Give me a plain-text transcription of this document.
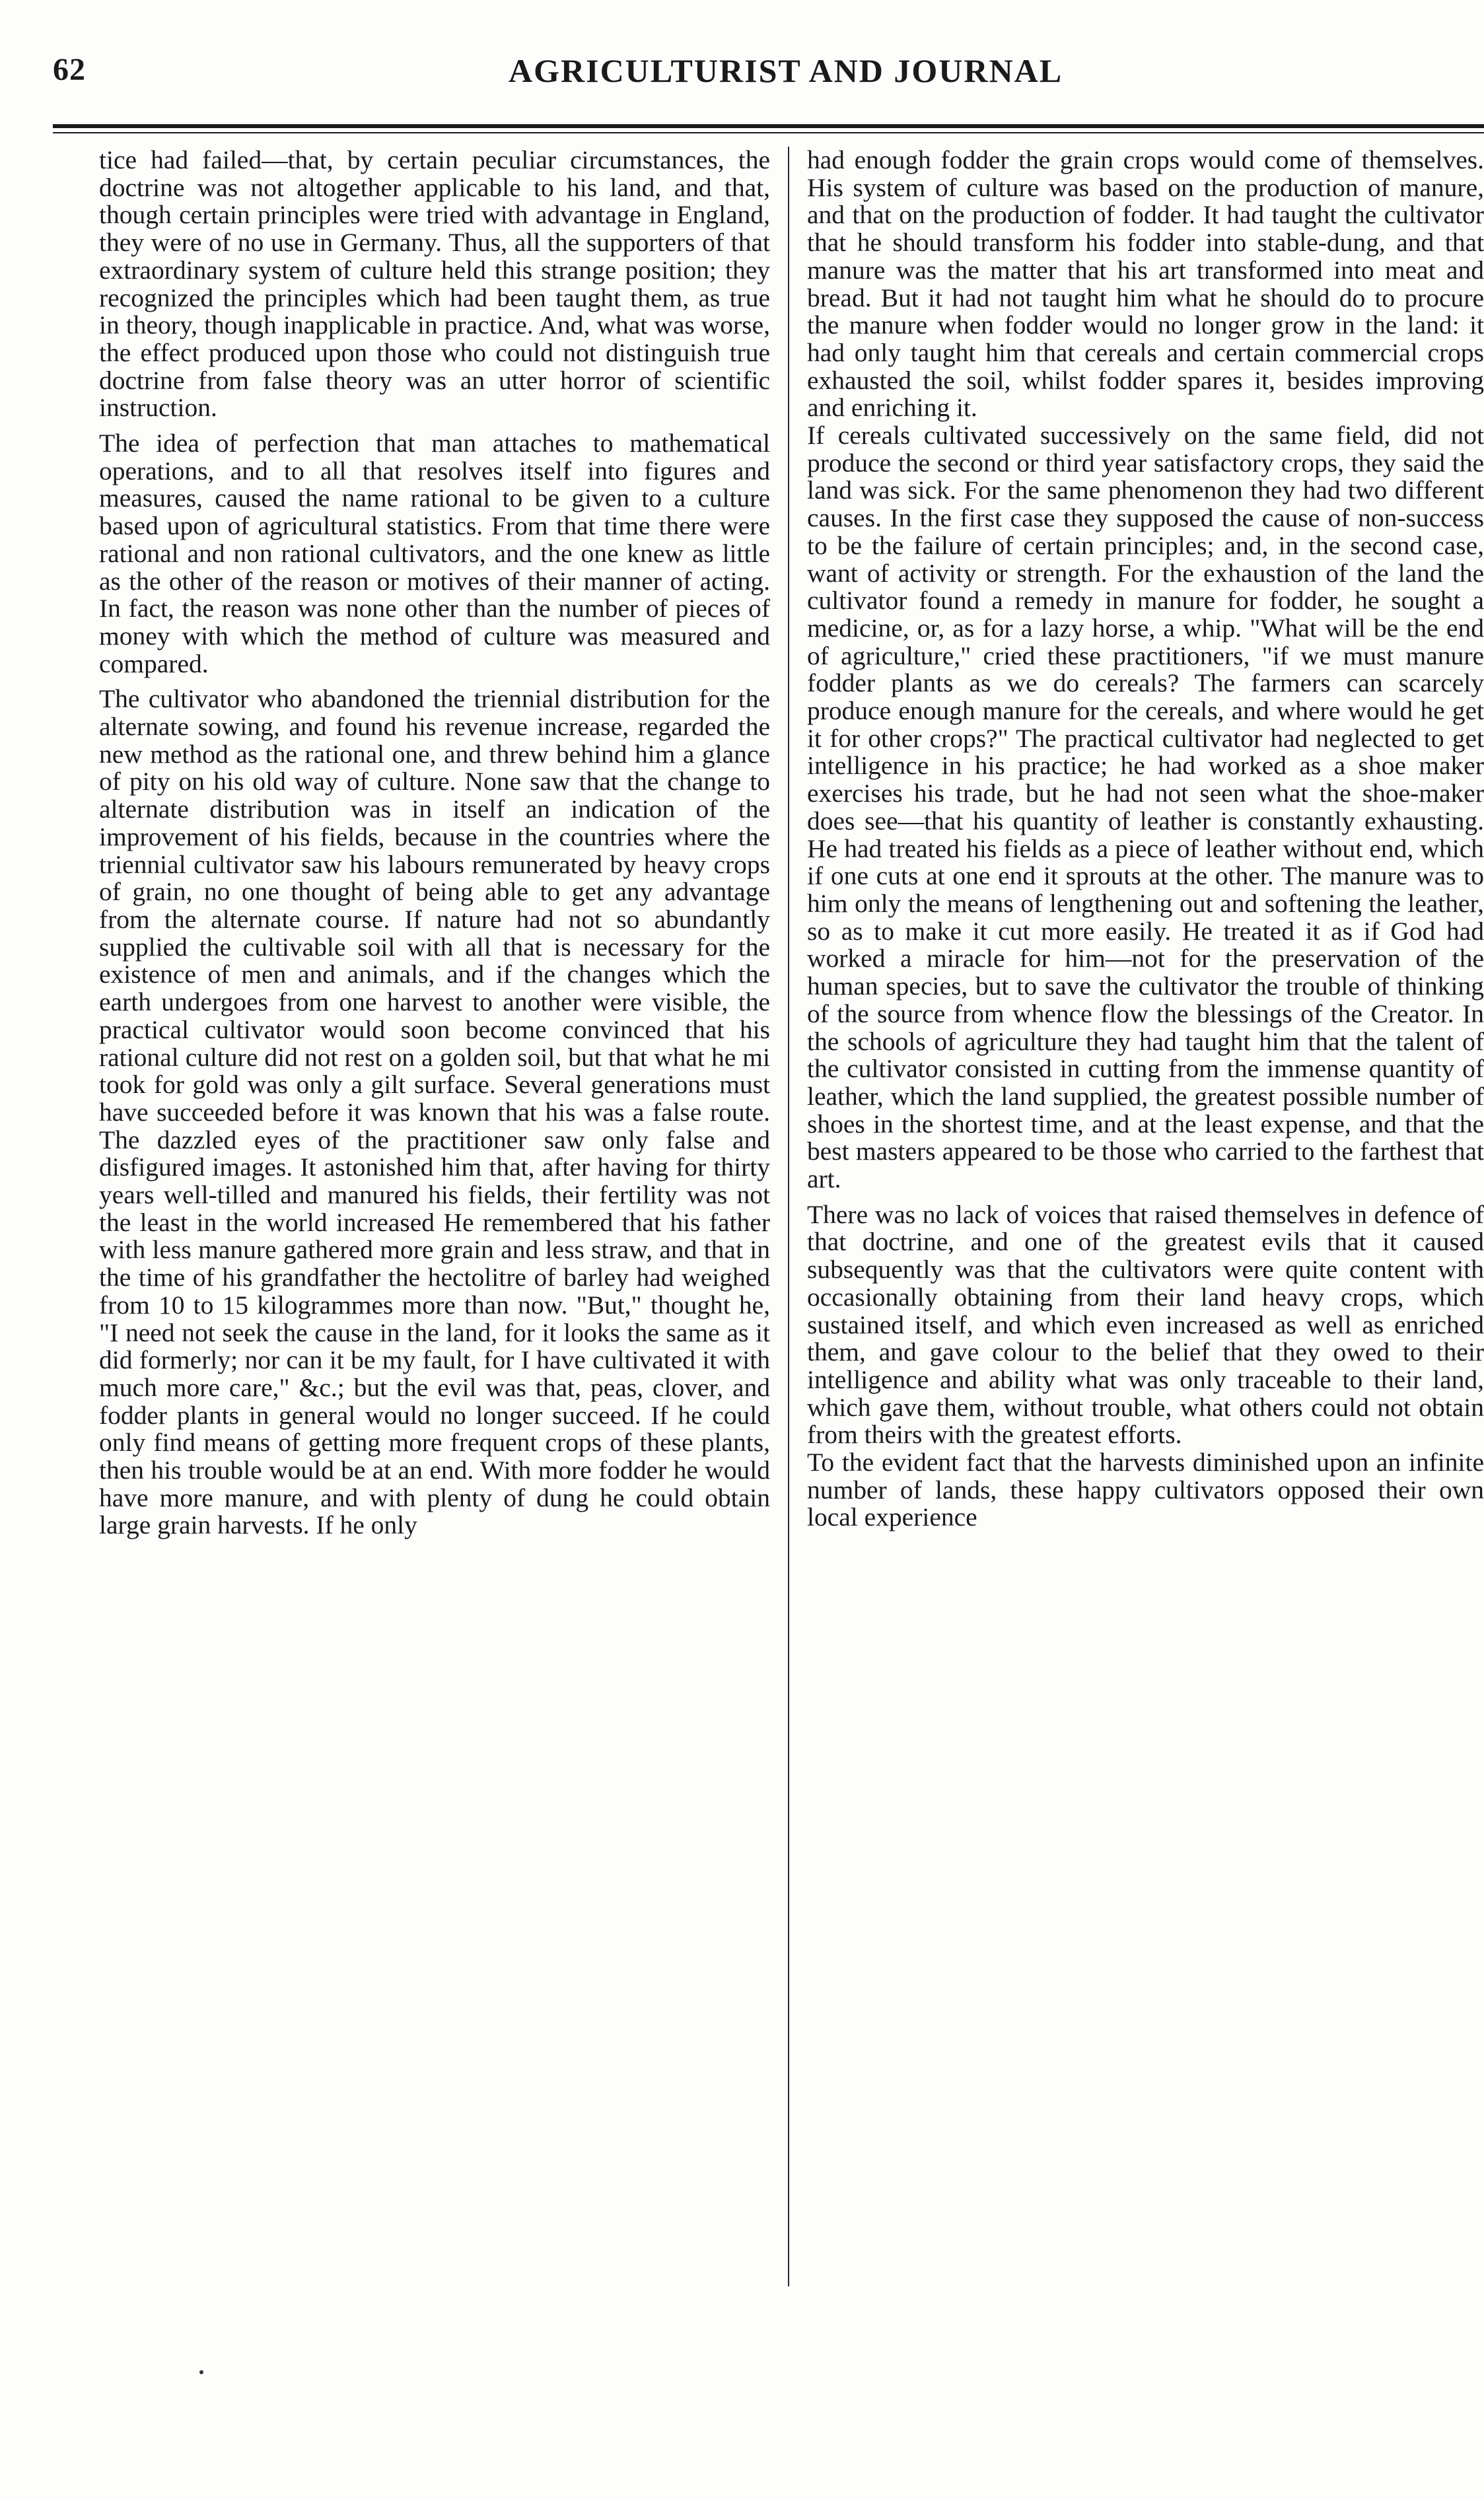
62	AGRICULTURIST AND JOURNAL

tice had failed—that, by certain peculiar circumstances, the doctrine was not altogether applicable to his land, and that, though certain principles were tried with advantage in England, they were of no use in Germany. Thus, all the supporters of that extraordinary system of culture held this strange position; they recognized the principles which had been taught them, as true in theory, though inapplicable in practice. And, what was worse, the effect produced upon those who could not distinguish true doctrine from false theory was an utter horror of scientific instruction.

The idea of perfection that man attaches to mathematical operations, and to all that resolves itself into figures and measures, caused the name rational to be given to a culture based upon of agricultural statistics. From that time there were rational and non rational cultivators, and the one knew as little as the other of the reason or motives of their manner of acting. In fact, the reason was none other than the number of pieces of money with which the method of culture was measured and compared.

The cultivator who abandoned the triennial distribution for the alternate sowing, and found his revenue increase, regarded the new method as the rational one, and threw behind him a glance of pity on his old way of culture. None saw that the change to alternate distribution was in itself an indication of the improvement of his fields, because in the countries where the triennial cultivator saw his labours remunerated by heavy crops of grain, no one thought of being able to get any advantage from the alternate course. If nature had not so abundantly supplied the cultivable soil with all that is necessary for the existence of men and animals, and if the changes which the earth undergoes from one harvest to another were visible, the practical cultivator would soon become convinced that his rational culture did not rest on a golden soil, but that what he mi took for gold was only a gilt surface. Several generations must have succeeded before it was known that his was a false route. The dazzled eyes of the practitioner saw only false and disfigured images. It astonished him that, after having for thirty years well-tilled and manured his fields, their fertility was not the least in the world increased He remembered that his father with less manure gathered more grain and less straw, and that in the time of his grandfather the hectolitre of barley had weighed from 10 to 15 kilogrammes more than now. "But," thought he, "I need not seek the cause in the land, for it looks the same as it did formerly; nor can it be my fault, for I have cultivated it with much more care," &c.; but the evil was that, peas, clover, and fodder plants in general would no longer succeed. If he could only find means of getting more frequent crops of these plants, then his trouble would be at an end. With more fodder he would have more manure, and with plenty of dung he could obtain large grain harvests. If he only

had enough fodder the grain crops would come of themselves. His system of culture was based on the production of manure, and that on the production of fodder. It had taught the cultivator that he should transform his fodder into stable-dung, and that manure was the matter that his art transformed into meat and bread. But it had not taught him what he should do to procure the manure when fodder would no longer grow in the land: it had only taught him that cereals and certain commercial crops exhausted the soil, whilst fodder spares it, besides improving and enriching it.

If cereals cultivated successively on the same field, did not produce the second or third year satisfactory crops, they said the land was sick. For the same phenomenon they had two different causes. In the first case they supposed the cause of non-success to be the failure of certain principles; and, in the second case, want of activity or strength. For the exhaustion of the land the cultivator found a remedy in manure for fodder, he sought a medicine, or, as for a lazy horse, a whip. "What will be the end of agriculture," cried these practitioners, "if we must manure fodder plants as we do cereals? The farmers can scarcely produce enough manure for the cereals, and where would he get it for other crops?" The practical cultivator had neglected to get intelligence in his practice; he had worked as a shoe maker exercises his trade, but he had not seen what the shoe-maker does see—that his quantity of leather is constantly exhausting. He had treated his fields as a piece of leather without end, which if one cuts at one end it sprouts at the other. The manure was to him only the means of lengthening out and softening the leather, so as to make it cut more easily. He treated it as if God had worked a miracle for him—not for the preservation of the human species, but to save the cultivator the trouble of thinking of the source from whence flow the blessings of the Creator. In the schools of agriculture they had taught him that the talent of the cultivator consisted in cutting from the immense quantity of leather, which the land supplied, the greatest possible number of shoes in the shortest time, and at the least expense, and that the best masters appeared to be those who carried to the farthest that art.

There was no lack of voices that raised themselves in defence of that doctrine, and one of the greatest evils that it caused subsequently was that the cultivators were quite content with occasionally obtaining from their land heavy crops, which sustained itself, and which even increased as well as enriched them, and gave colour to the belief that they owed to their intelligence and ability what was only traceable to their land, which gave them, without trouble, what others could not obtain from theirs with the greatest efforts.

To the evident fact that the harvests diminished upon an infinite number of lands, these happy cultivators opposed their own local experience
